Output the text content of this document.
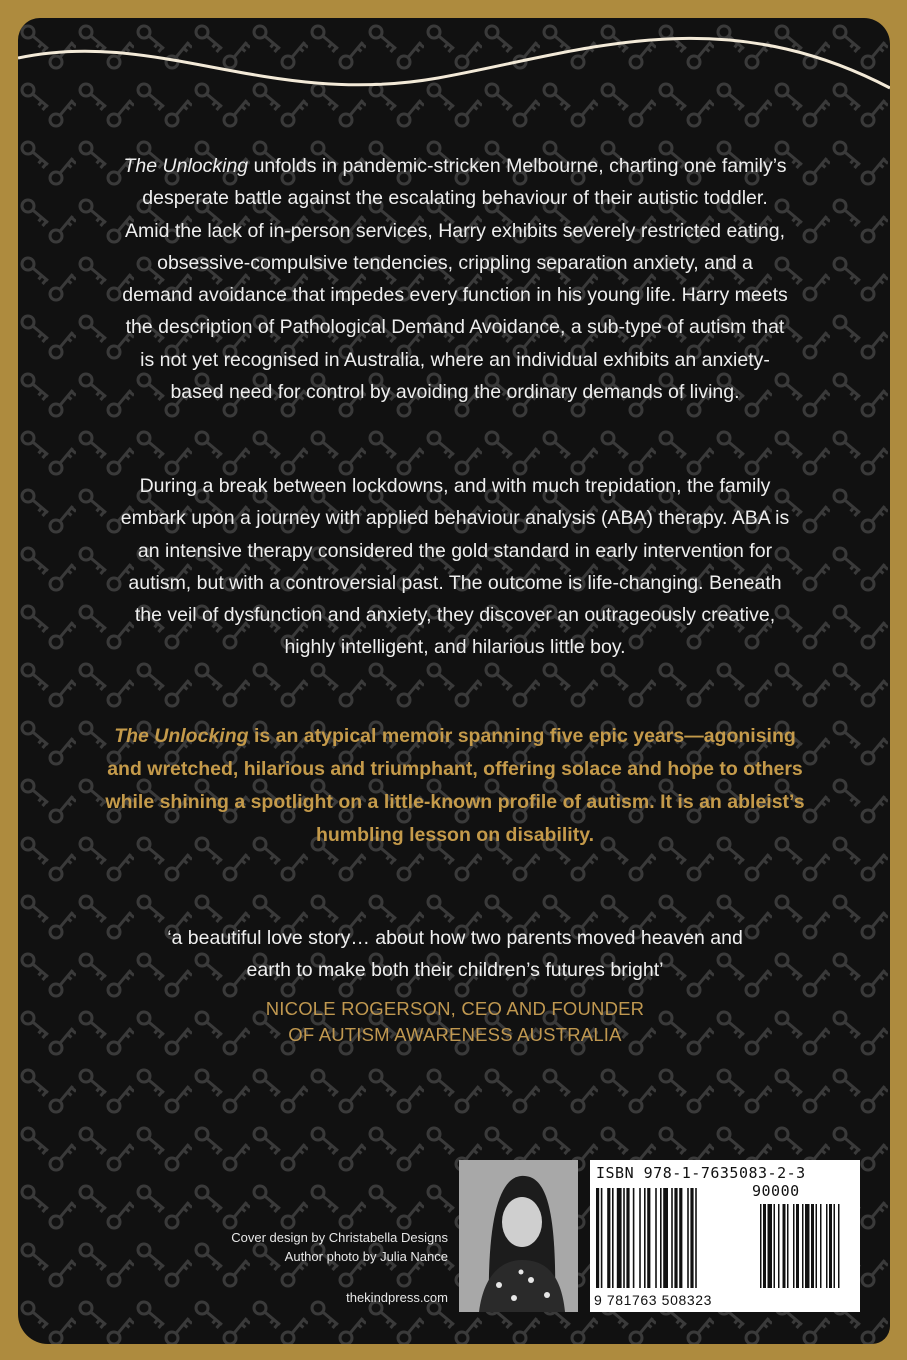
The Unlocking unfolds in pandemic-stricken Melbourne, charting one family’s desperate battle against the escalating behaviour of their autistic toddler. Amid the lack of in-person services, Harry exhibits severely restricted eating, obsessive-compulsive tendencies, crippling separation anxiety, and a demand avoidance that impedes every function in his young life. Harry meets the description of Pathological Demand Avoidance, a sub-type of autism that is not yet recognised in Australia, where an individual exhibits an anxiety-based need for control by avoiding the ordinary demands of living.
During a break between lockdowns, and with much trepidation, the family embark upon a journey with applied behaviour analysis (ABA) therapy. ABA is an intensive therapy considered the gold standard in early intervention for autism, but with a controversial past. The outcome is life-changing. Beneath the veil of dysfunction and anxiety, they discover an outrageously creative, highly intelligent, and hilarious little boy.
The Unlocking is an atypical memoir spanning five epic years—agonising and wretched, hilarious and triumphant, offering solace and hope to others while shining a spotlight on a little-known profile of autism. It is an ableist’s humbling lesson on disability.
‘a beautiful love story… about how two parents moved heaven and earth to make both their children’s futures bright’
NICOLE ROGERSON, CEO AND FOUNDER
OF AUTISM AWARENESS AUSTRALIA
Cover design by Christabella Designs
Author photo by Julia Nance
thekindpress.com
ISBN 978-1-7635083-2-3
90000
9 781763 508323
